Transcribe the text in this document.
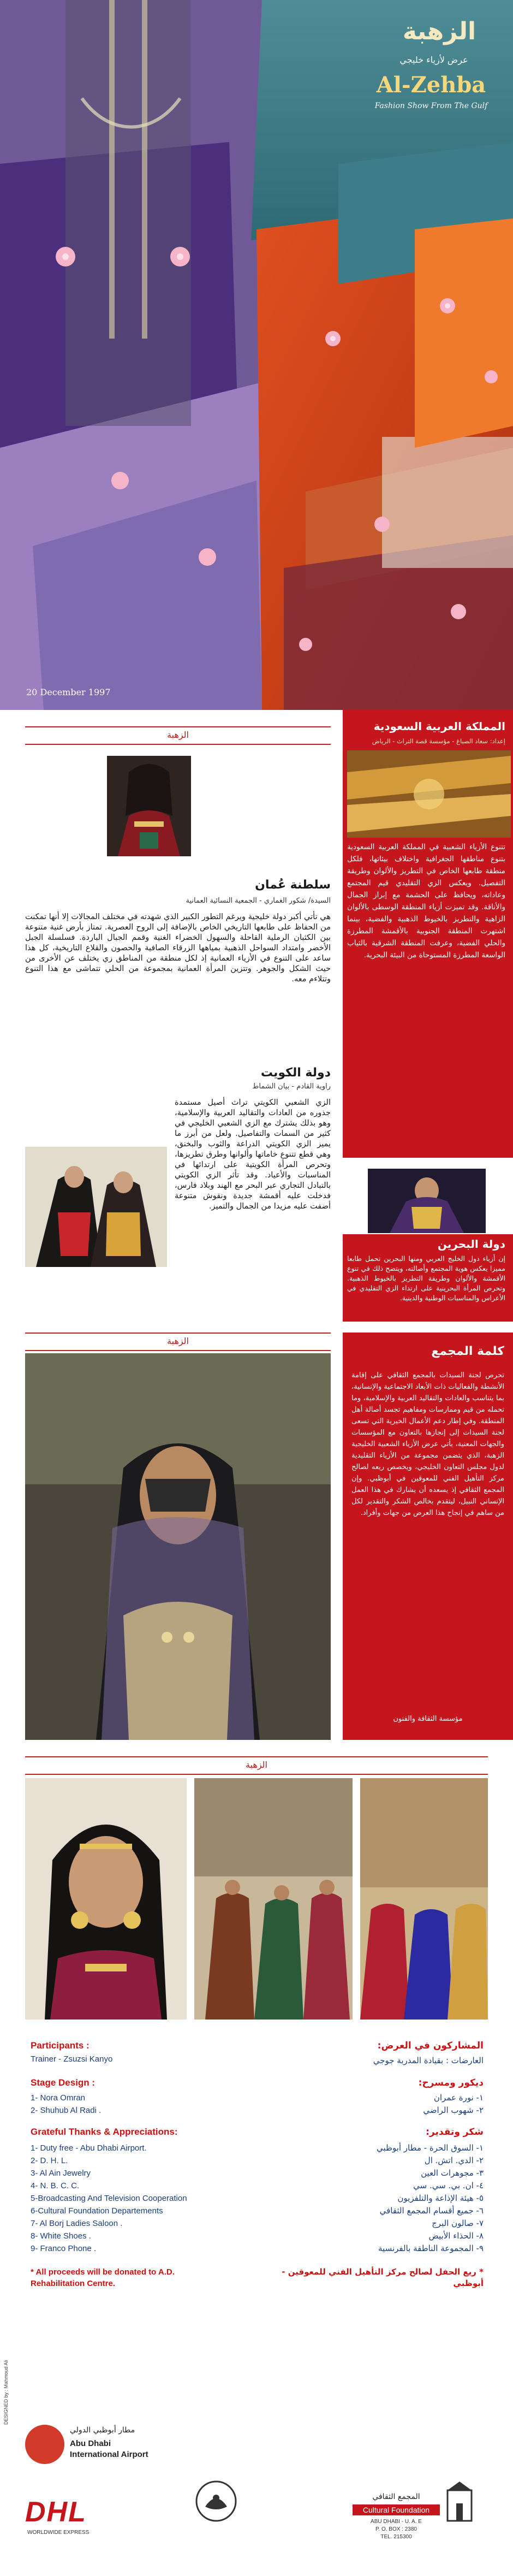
الزهبة
عرض لأزياء خليجي
Al-Zehba
Fashion Show From The Gulf
20 December 1997
الزهبة
المملكة العربية السعودية
إعداد: سعاد الصباغ - مؤسسة قصة التراث - الرياض
تتنوع الأزياء الشعبية في المملكة العربية السعودية بتنوع مناطقها الجغرافية واختلاف بيئاتها، فلكل منطقة طابعها الخاص في التطريز والألوان وطريقة التفصيل. ويعكس الزي التقليدي قيم المجتمع وعاداته، ويحافظ على الحشمة مع إبراز الجمال والأناقة. وقد تميزت أزياء المنطقة الوسطى بالألوان الزاهية والتطريز بالخيوط الذهبية والفضية، بينما اشتهرت المنطقة الجنوبية بالأقمشة المطرزة والحلي الفضية، وعرفت المنطقة الشرقية بالثياب الواسعة المطرزة المستوحاة من البيئة البحرية.
سلطنة عُمان
السيدة/ شكور الغماري - الجمعية النسائية العمانية
هي تأتي أكبر دولة خليجية ويرغم التطور الكبير الذي شهدته في مختلف المجالات إلا أنها تمكنت من الحفاظ على طابعها التاريخي الخاص بالإضافة إلى الروح العصرية. تمتاز بأرض غنية متنوعة بين الكثبان الرملية القاحلة والسهول الخضراء الغنية وقمم الجبال الباردة. فسلسلة الجبل الأخضر وامتداد السواحل الذهبية بمياهها الزرقاء الصافية والحصون والقلاع التاريخية، كل هذا ساعد على التنوع في الأزياء العمانية إذ لكل منطقة من المناطق زي يختلف عن الأخرى من حيث الشكل والجوهر. وتتزين المرأة العمانية بمجموعة من الحلي تتماشى مع هذا التنوع وتتلاءم معه.
دولة الكويت
راوية القادم - بيان الشماط
الزي الشعبي الكويتي تراث أصيل مستمدة جذوره من العادات والتقاليد العربية والإسلامية، وهو بذلك يشترك مع الزي الشعبي الخليجي في كثير من السمات والتفاصيل. ولعل من أبرز ما يميز الزي الكويتي الدراعة والثوب والبخنق، وهي قطع تتنوع خاماتها وألوانها وطرق تطريزها، وتحرص المرأة الكويتية على ارتدائها في المناسبات والأعياد. وقد تأثر الزي الكويتي بالتبادل التجاري عبر البحر مع الهند وبلاد فارس، فدخلت عليه أقمشة جديدة ونقوش متنوعة أضفت عليه مزيدا من الجمال والتميز.
دولة البحرين
إن أزياء دول الخليج العربي ومنها البحرين تحمل طابعا مميزا يعكس هوية المجتمع وأصالته، ويتضح ذلك في تنوع الأقمشة والألوان وطريقة التطريز بالخيوط الذهبية. وتحرص المرأة البحرينية على ارتداء الزي التقليدي في الأعراس والمناسبات الوطنية والدينية.
الزهبة
كلمة المجمع
تحرص لجنة السيدات بالمجمع الثقافي على إقامة الأنشطة والفعاليات ذات الأبعاد الاجتماعية والإنسانية، بما يتناسب والعادات والتقاليد العربية والإسلامية، وما تحمله من قيم وممارسات ومفاهيم تجسد أصالة أهل المنطقة. وفي إطار دعم الأعمال الخيرية التي تسعى لجنة السيدات إلى إنجازها بالتعاون مع المؤسسات والجهات المعنية، يأتي عرض الأزياء الشعبية الخليجية الزهبة، الذي يتضمن مجموعة من الأزياء التقليدية لدول مجلس التعاون الخليجي، ويخصص ريعه لصالح مركز التأهيل الفني للمعوقين في أبوظبي. وإن المجمع الثقافي إذ يسعده أن يشارك في هذا العمل الإنساني النبيل، ليتقدم بخالص الشكر والتقدير لكل من ساهم في إنجاح هذا العرض من جهات وأفراد.
مؤسسة الثقافة والفنون
الزهبة
Participants :
Trainer - Zsuzsi Kanyo
Stage Design :
1- Nora Omran
2- Shuhub Al Radi .
Grateful Thanks & Appreciations:
1- Duty free - Abu Dhabi Airport.
2- D. H. L.
3- Al Ain Jewelry
4- N. B. C. C.
5-Broadcasting And Television Cooperation
6-Cultural Foundation Departements
7- Al Borj Ladies Saloon .
8- White Shoes .
9- Franco Phone .
* All proceeds will be donated to A.D. Rehabilitation Centre.
المشاركون في العرض:
العارضات : بقيادة المدربة جوجي
ديكور ومسرح:
١- نورة عمران
٢- شهوب الراضي
شكر وتقدير:
١- السوق الحرة - مطار أبوظبي
٢- الدي. اتش. ال
٣- مجوهرات العين
٤- ان. بي. سي. سي
٥- هيئة الإذاعة والتلفزيون
٦- جميع أقسام المجمع الثقافي
٧- صالون البرج
٨- الحذاء الأبيض
٩- المجموعة الناطقة بالفرنسية
* ريع الحفل لصالح مركز التأهيل الفني للمعوقين - أبوظبي
DESIGNED by : Mahmoud Ali
مطار أبوظبي الدولي
Abu Dhabi
International Airport
DHL
WORLDWIDE EXPRESS
المجمع الثقافي
Cultural Foundation
ABU DHABI - U. A. E
P. O. BOX : 2380
TEL. 215300
